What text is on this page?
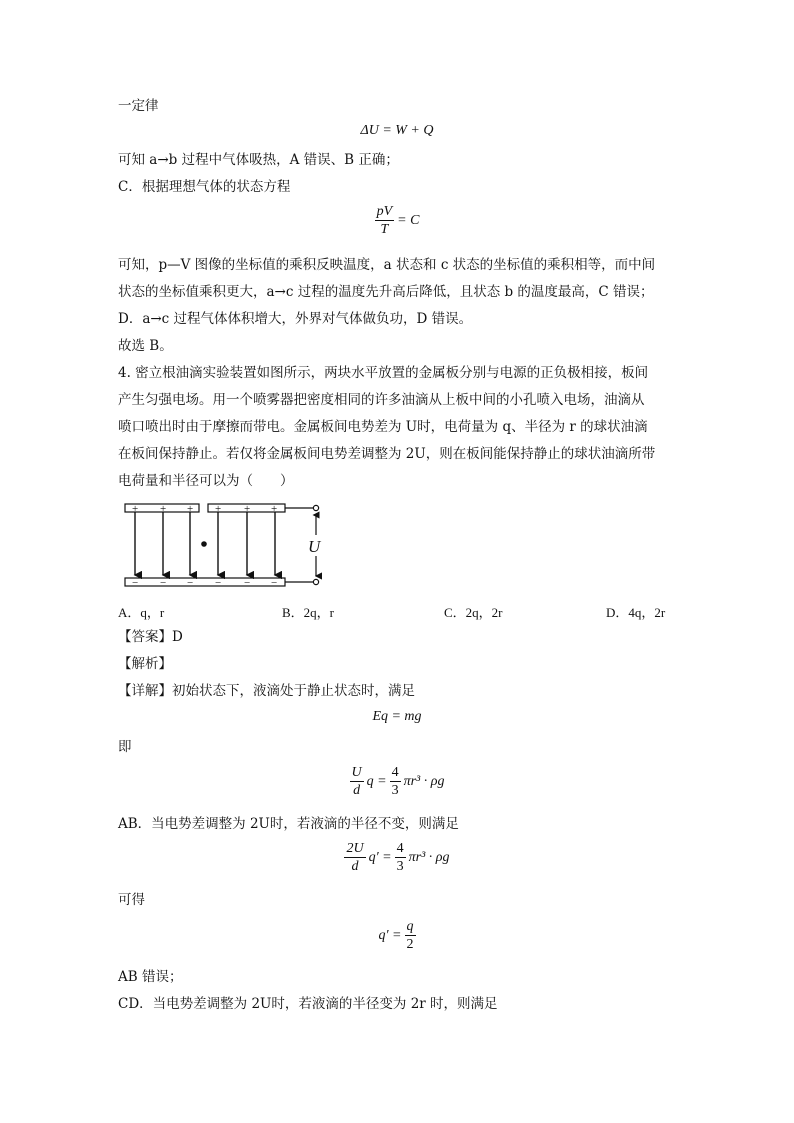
一定律
ΔU = W + Q
可知 a→b 过程中气体吸热，A 错误、B 正确；
C．根据理想气体的状态方程
$\frac{pV}{T} = C$
可知，p—V 图像的坐标值的乘积反映温度，a 状态和 c 状态的坐标值的乘积相等，而中间
状态的坐标值乘积更大，a→c 过程的温度先升高后降低，且状态 b 的温度最高，C 错误；
D．a→c 过程气体体积增大，外界对气体做负功，D 错误。
故选 B。
4. 密立根油滴实验装置如图所示，两块水平放置的金属板分别与电源的正负极相接，板间
产生匀强电场。用一个喷雾器把密度相同的许多油滴从上板中间的小孔喷入电场，油滴从
喷口喷出时由于摩擦而带电。金属板间电势差为 U时，电荷量为 q、半径为 r 的球状油滴
在板间保持静止。若仅将金属板间电势差调整为 2U，则在板间能保持静止的球状油滴所带
电荷量和半径可以为（　　）
+ + + + + +
− − − − − −
U
A．q，r	B．2q，r	C．2q，2r	D．4q，2r
【答案】D
【解析】
【详解】初始状态下，液滴处于静止状态时，满足
Eq = mg
即
$\frac{U}{d}$ $q = \frac{4}{3} \pi r^3 \cdot \rho g$
AB．当电势差调整为 2U时，若液滴的半径不变，则满足
$\frac{2U}{d} q' = \frac{4}{3} \pi r^3 \cdot \rho g$
可得
$q' = \frac{q}{2}$
AB 错误；
CD．当电势差调整为 2U时，若液滴的半径变为 2r 时，则满足
